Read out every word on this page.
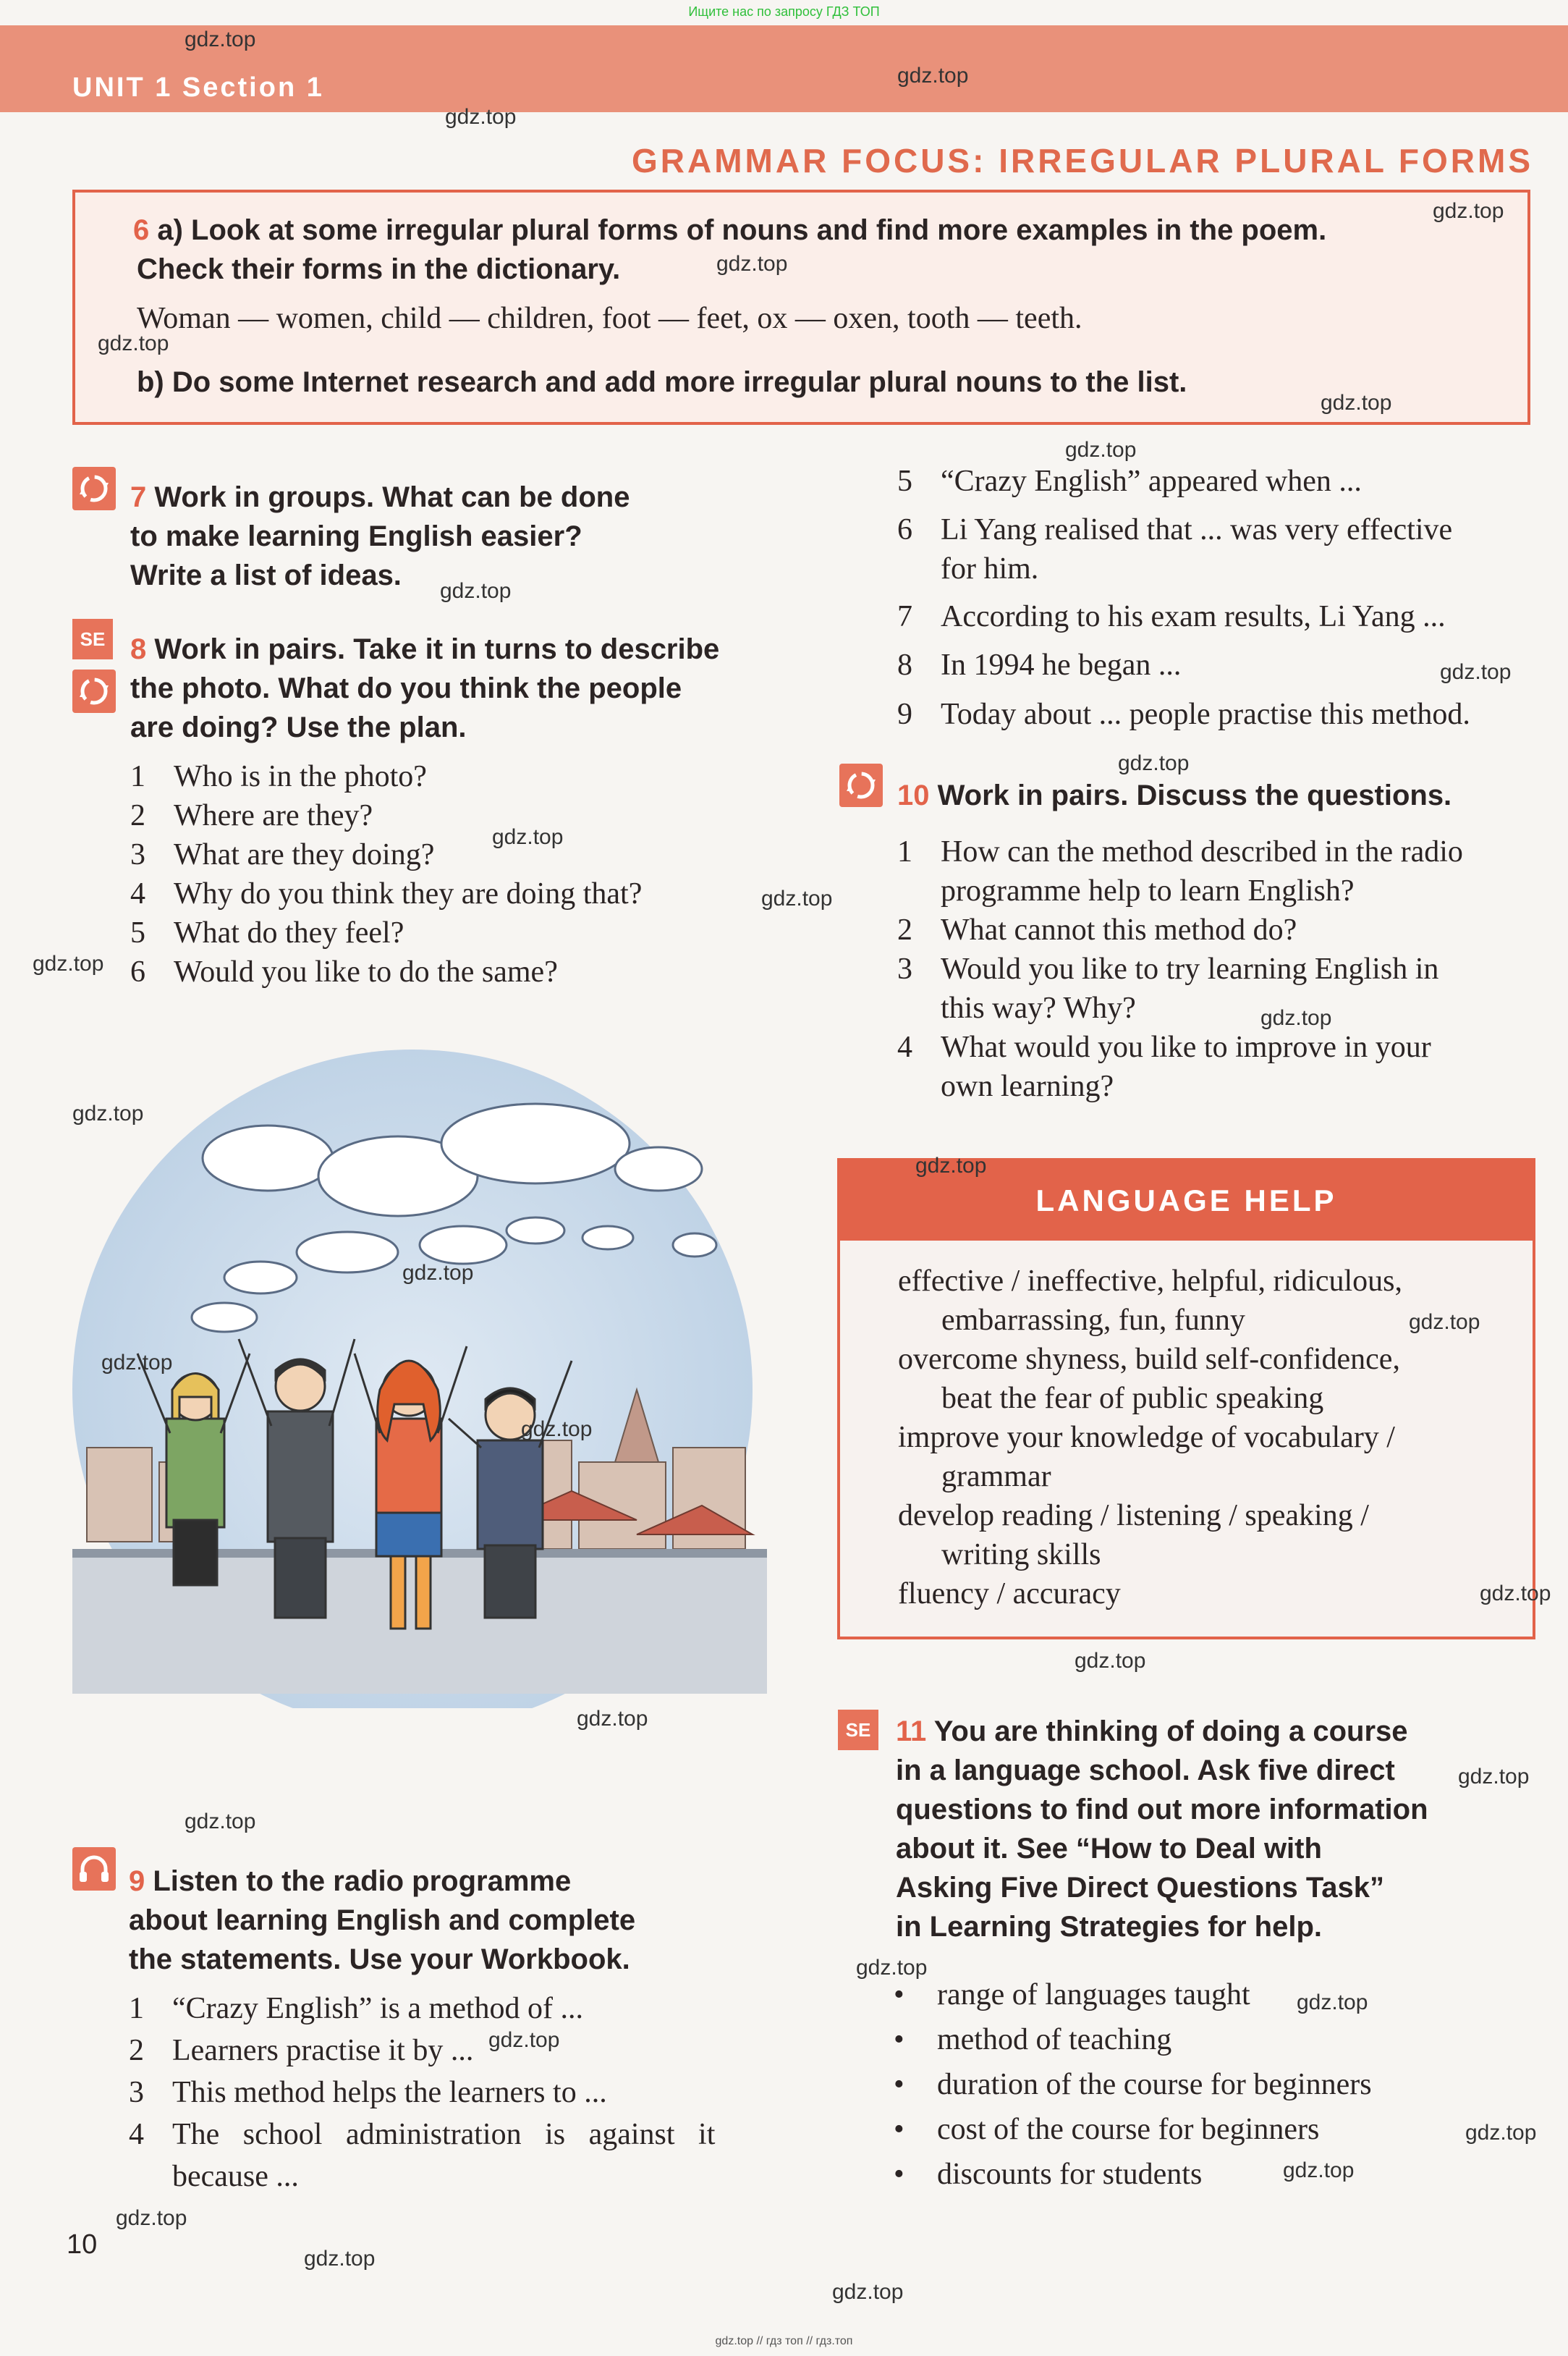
Ищите нас по запросу ГДЗ ТОП
UNIT 1 Section 1
GRAMMAR FOCUS: IRREGULAR PLURAL FORMS
6 a) Look at some irregular plural forms of nouns and find more examples in the poem.
Check their forms in the dictionary.
Woman — women, child — children, foot — feet, ox — oxen, tooth — teeth.
b) Do some Internet research and add more irregular plural nouns to the list.
7 Work in groups. What can be done
to make learning English easier?
Write a list of ideas.
SE 8 Work in pairs. Take it in turns to describe
the photo. What do you think the people
are doing? Use the plan.
1 Who is in the photo?
2 Where are they?
3 What are they doing?
4 Why do you think they are doing that?
5 What do they feel?
6 Would you like to do the same?
9 Listen to the radio programme
about learning English and complete
the statements. Use your Workbook.
1 “Crazy English” is a method of ...
2 Learners practise it by ...
3 This method helps the learners to ...
4 The school administration is against it
because ...
5 “Crazy English” appeared when ...
6 Li Yang realised that ... was very effective
for him.
7 According to his exam results, Li Yang ...
8 In 1994 he began ...
9 Today about ... people practise this method.
10 Work in pairs. Discuss the questions.
1 How can the method described in the radio
programme help to learn English?
2 What cannot this method do?
3 Would you like to try learning English in
this way? Why?
4 What would you like to improve in your
own learning?
LANGUAGE HELP
effective / ineffective, helpful, ridiculous,
embarrassing, fun, funny
overcome shyness, build self-confidence,
beat the fear of public speaking
improve your knowledge of vocabulary /
grammar
develop reading / listening / speaking /
writing skills
fluency / accuracy
SE 11 You are thinking of doing a course
in a language school. Ask five direct
questions to find out more information
about it. See “How to Deal with
Asking Five Direct Questions Task”
in Learning Strategies for help.
• range of languages taught
• method of teaching
• duration of the course for beginners
• cost of the course for beginners
• discounts for students
10
gdz.top
gdz.top
gdz.top
gdz.top
gdz.top
gdz.top
gdz.top
gdz.top
gdz.top
gdz.top
gdz.top
gdz.top
gdz.top
gdz.top
gdz.top
gdz.top
gdz.top
gdz.top
gdz.top
gdz.top
gdz.top
gdz.top
gdz.top
gdz.top
gdz.top
gdz.top
gdz.top
gdz.top
gdz.top
gdz.top
gdz.top
gdz.top
gdz.top
gdz.top
gdz.top // гдз топ // гдз.топ
